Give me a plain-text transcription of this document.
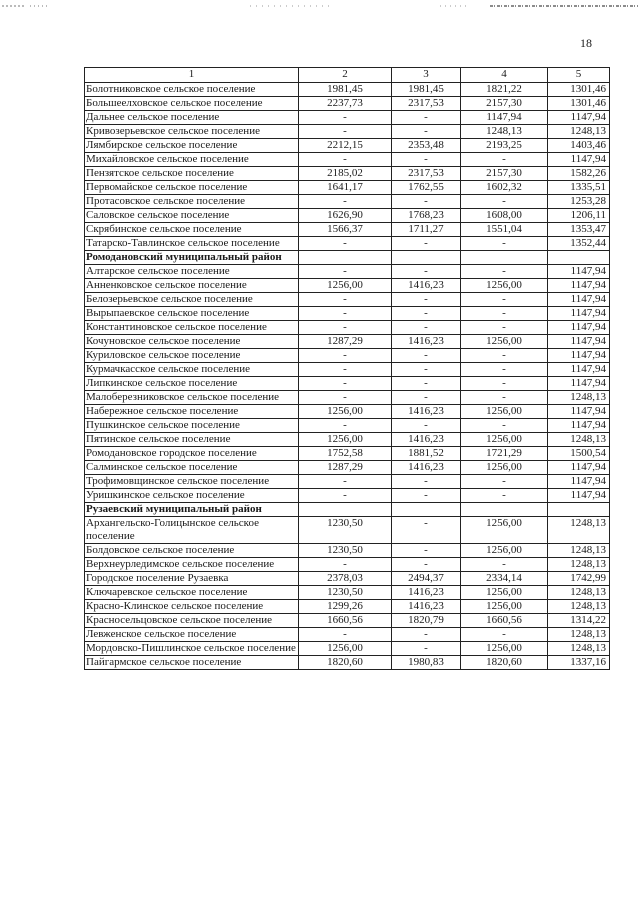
18
1	2	3	4	5
Болотниковское сельское поселение	1981,45	1981,45	1821,22	1301,46
Большеелховское сельское поселение	2237,73	2317,53	2157,30	1301,46
Дальнее сельское поселение	-	-	1147,94	1147,94
Кривозерьевское сельское поселение	-	-	1248,13	1248,13
Лямбирское сельское поселение	2212,15	2353,48	2193,25	1403,46
Михайловское сельское поселение	-	-	-	1147,94
Пензятское сельское поселение	2185,02	2317,53	2157,30	1582,26
Первомайское сельское поселение	1641,17	1762,55	1602,32	1335,51
Протасовское сельское поселение	-	-	-	1253,28
Саловское сельское поселение	1626,90	1768,23	1608,00	1206,11
Скрябинское сельское поселение	1566,37	1711,27	1551,04	1353,47
Татарско-Тавлинское сельское поселение	-	-	-	1352,44
Ромодановский муниципальный район				
Алтарское сельское поселение	-	-	-	1147,94
Анненковское сельское поселение	1256,00	1416,23	1256,00	1147,94
Белозерьевское сельское поселение	-	-	-	1147,94
Вырыпаевское сельское поселение	-	-	-	1147,94
Константиновское сельское поселение	-	-	-	1147,94
Кочуновское сельское поселение	1287,29	1416,23	1256,00	1147,94
Куриловское сельское поселение	-	-	-	1147,94
Курмачкасское сельское поселение	-	-	-	1147,94
Липкинское сельское поселение	-	-	-	1147,94
Малоберезниковское сельское поселение	-	-	-	1248,13
Набережное сельское поселение	1256,00	1416,23	1256,00	1147,94
Пушкинское сельское поселение	-	-	-	1147,94
Пятинское сельское поселение	1256,00	1416,23	1256,00	1248,13
Ромодановское городское поселение	1752,58	1881,52	1721,29	1500,54
Салминское сельское поселение	1287,29	1416,23	1256,00	1147,94
Трофимовщинское сельское поселение	-	-	-	1147,94
Уришкинское сельское поселение	-	-	-	1147,94
Рузаевский муниципальный район				
Архангельско-Голицынское сельское поселение	1230,50	-	1256,00	1248,13
Болдовское сельское поселение	1230,50	-	1256,00	1248,13
Верхнеурледимское сельское поселение	-	-	-	1248,13
Городское поселение Рузаевка	2378,03	2494,37	2334,14	1742,99
Ключаревское сельское поселение	1230,50	1416,23	1256,00	1248,13
Красно-Клинское сельское поселение	1299,26	1416,23	1256,00	1248,13
Красносельцовское сельское поселение	1660,56	1820,79	1660,56	1314,22
Левженское сельское поселение	-	-	-	1248,13
Мордовско-Пишлинское сельское поселение	1256,00	-	1256,00	1248,13
Пайгармское сельское поселение	1820,60	1980,83	1820,60	1337,16
